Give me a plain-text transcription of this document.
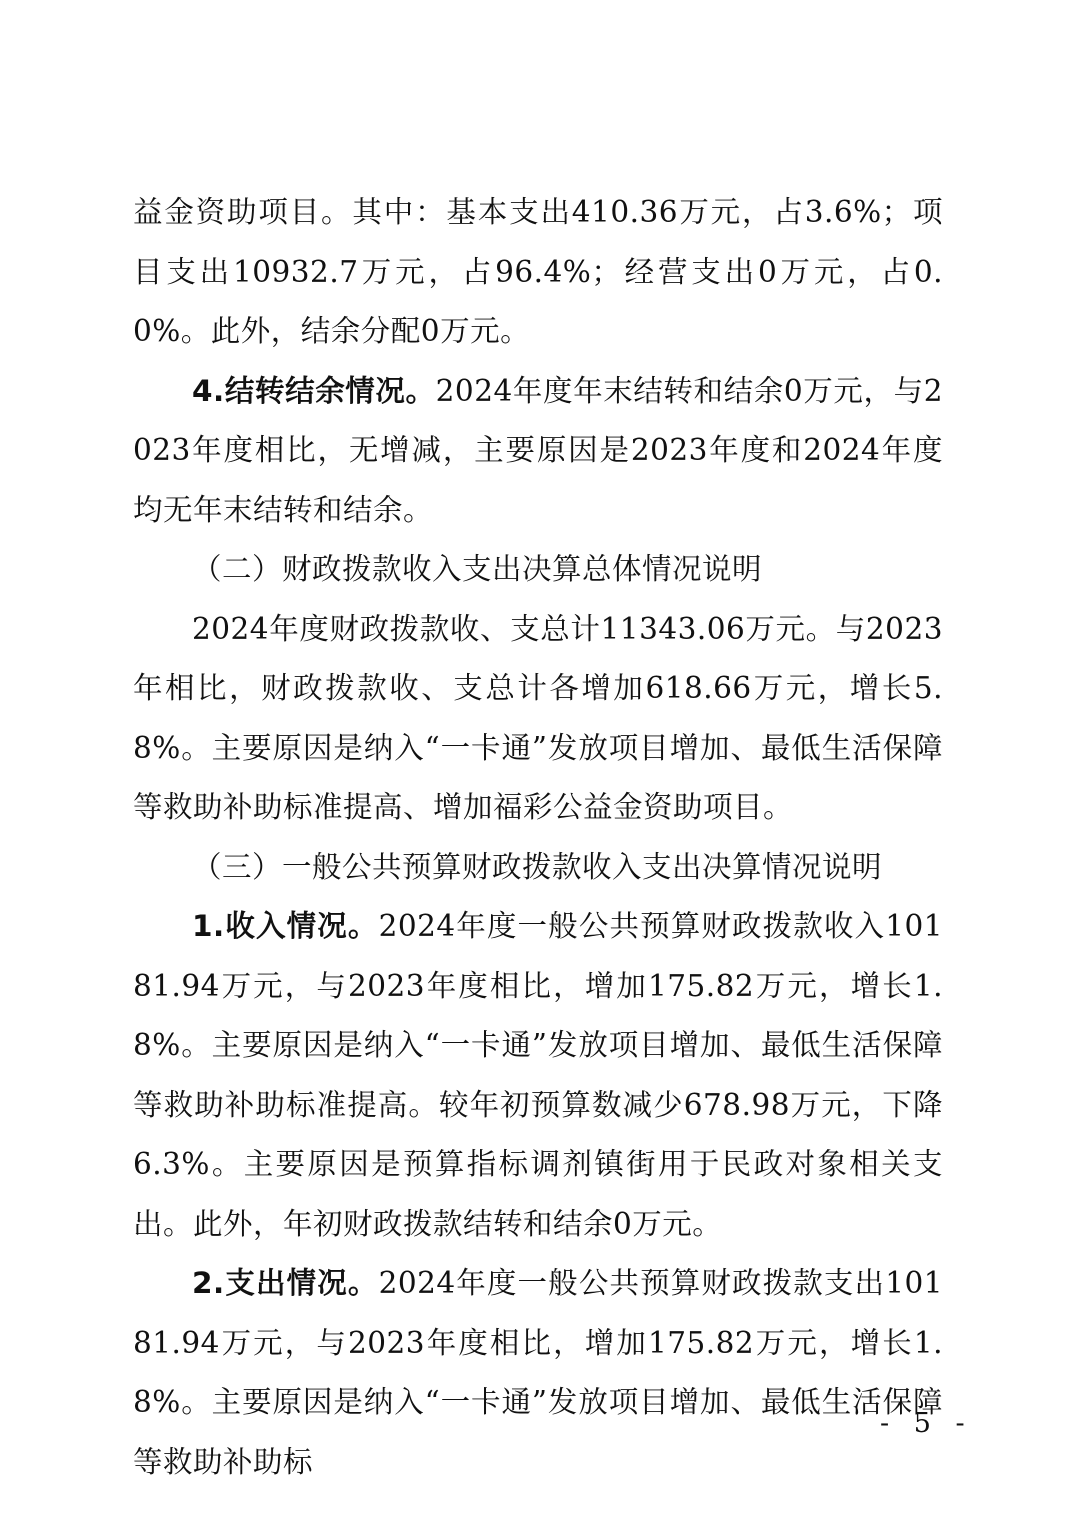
益金资助项目。其中：基本支出410.36万元，占3.6%；项目支出10932.7万元，占96.4%；经营支出0万元，占0.0%。此外，结余分配0万元。

4.结转结余情况。2024年度年末结转和结余0万元，与2023年度相比，无增减，主要原因是2023年度和2024年度均无年末结转和结余。

（二）财政拨款收入支出决算总体情况说明

2024年度财政拨款收、支总计11343.06万元。与2023年相比，财政拨款收、支总计各增加618.66万元，增长5.8%。主要原因是纳入“一卡通”发放项目增加、最低生活保障等救助补助标准提高、增加福彩公益金资助项目。

（三）一般公共预算财政拨款收入支出决算情况说明

1.收入情况。2024年度一般公共预算财政拨款收入10181.94万元，与2023年度相比，增加175.82万元，增长1.8%。主要原因是纳入“一卡通”发放项目增加、最低生活保障等救助补助标准提高。较年初预算数减少678.98万元，下降6.3%。主要原因是预算指标调剂镇街用于民政对象相关支出。此外，年初财政拨款结转和结余0万元。

2.支出情况。2024年度一般公共预算财政拨款支出10181.94万元，与2023年度相比，增加175.82万元，增长1.8%。主要原因是纳入“一卡通”发放项目增加、最低生活保障等救助补助标

- 5 -
